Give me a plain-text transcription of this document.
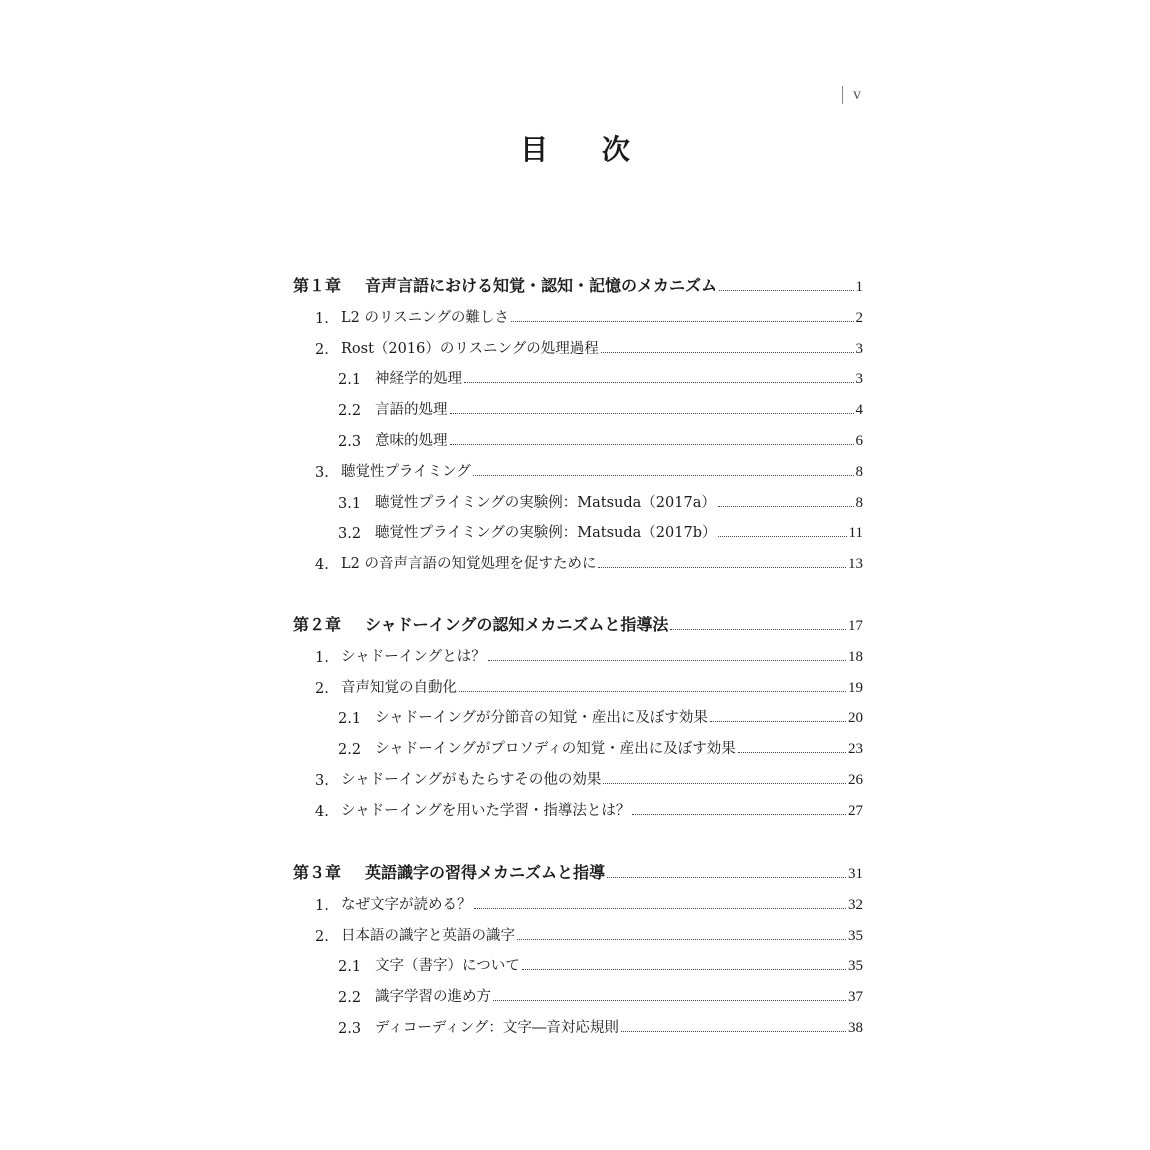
v
目 次
第１章	音声言語における知覚・認知・記憶のメカニズム	1
1. L2 のリスニングの難しさ	2
2. Rost（2016）のリスニングの処理過程	3
2.1 神経学的処理	3
2.2 言語的処理	4
2.3 意味的処理	6
3. 聴覚性プライミング	8
3.1 聴覚性プライミングの実験例：Matsuda（2017a）	8
3.2 聴覚性プライミングの実験例：Matsuda（2017b）	11
4. L2 の音声言語の知覚処理を促すために	13
第２章	シャドーイングの認知メカニズムと指導法	17
1. シャドーイングとは？	18
2. 音声知覚の自動化	19
2.1 シャドーイングが分節音の知覚・産出に及ぼす効果	20
2.2 シャドーイングがプロソディの知覚・産出に及ぼす効果	23
3. シャドーイングがもたらすその他の効果	26
4. シャドーイングを用いた学習・指導法とは？	27
第３章	英語識字の習得メカニズムと指導	31
1. なぜ文字が読める？	32
2. 日本語の識字と英語の識字	35
2.1 文字（書字）について	35
2.2 識字学習の進め方	37
2.3 ディコーディング：文字―音対応規則	38
